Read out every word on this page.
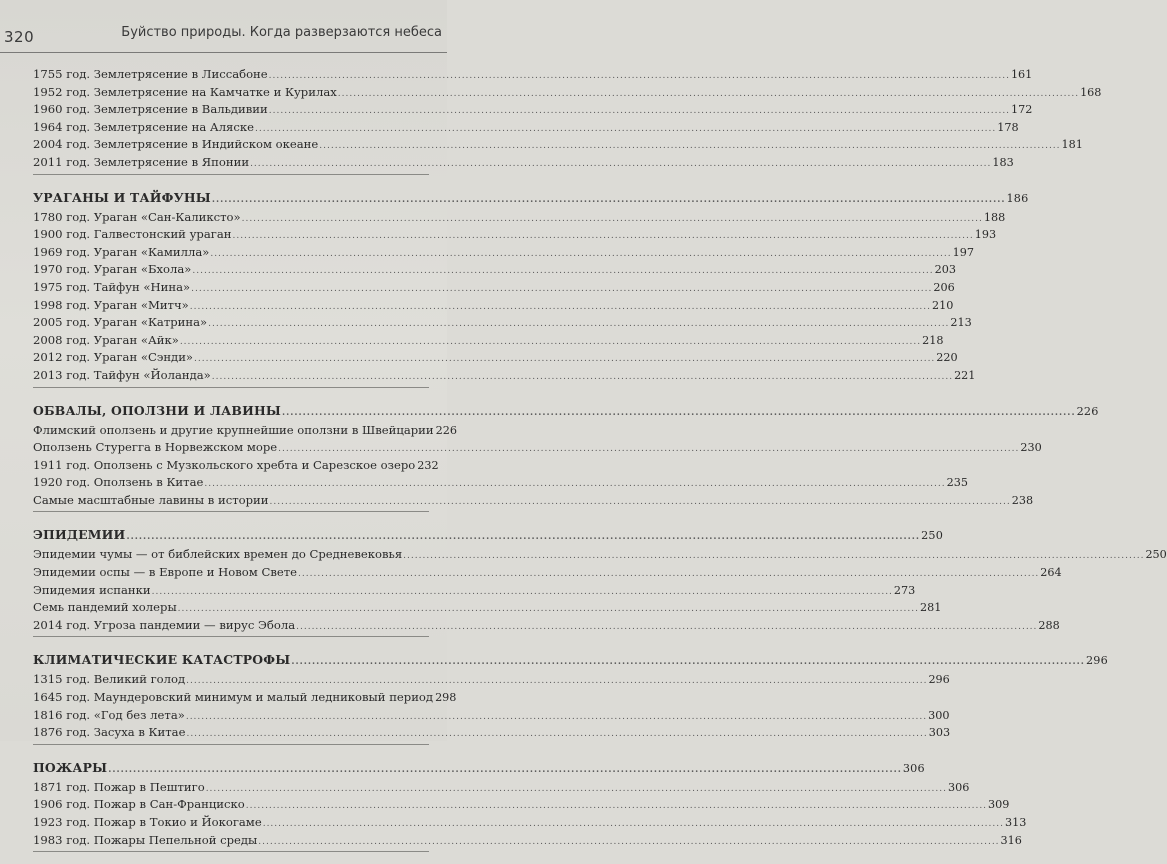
320	Буйство природы. Когда разверзаются небеса
1755 год. Землетрясение в Лиссабоне .....	161
1952 год. Землетрясение на Камчатке и Курилах .....	168
1960 год. Землетрясение в Вальдивии .....	172
1964 год. Землетрясение на Аляске .....	178
2004 год. Землетрясение в Индийском океане .....	181
2011 год. Землетрясение в Японии .....	183
УРАГАНЫ И ТАЙФУНЫ .....	186
1780 год. Ураган «Сан-Каликсто» .....	188
1900 год. Галвестонский ураган .....	193
1969 год. Ураган «Камилла» .....	197
1970 год. Ураган «Бхола» .....	203
1975 год. Тайфун «Нина» .....	206
1998 год. Ураган «Митч» .....	210
2005 год. Ураган «Катрина» .....	213
2008 год. Ураган «Айк» .....	218
2012 год. Ураган «Сэнди» .....	220
2013 год. Тайфун «Йоланда» .....	221
ОБВАЛЫ, ОПОЛЗНИ И ЛАВИНЫ .....	226
Флимский оползень и другие крупнейшие оползни в Швейцарии 226
Оползень Стурегга в Норвежском море .....	230
1911 год. Оползень с Музкольского хребта и Сарезское озеро 232
1920 год. Оползень в Китае .....	235
Самые масштабные лавины в истории .....	238
ЭПИДЕМИИ .....	250
Эпидемии чумы — от библейских времен до Средневековья .....	250
Эпидемии оспы — в Европе и Новом Свете .....	264
Эпидемия испанки .....	273
Семь пандемий холеры .....	281
2014 год. Угроза пандемии — вирус Эбола .....	288
КЛИМАТИЧЕСКИЕ КАТАСТРОФЫ .....	296
1315 год. Великий голод .....	296
1645 год. Маундеровский минимум и малый ледниковый период 298
1816 год. «Год без лета» .....	300
1876 год. Засуха в Китае .....	303
ПОЖАРЫ .....	306
1871 год. Пожар в Пештиго .....	306
1906 год. Пожар в Сан-Франциско .....	309
1923 год. Пожар в Токио и Йокогаме .....	313
1983 год. Пожары Пепельной среды .....	316
